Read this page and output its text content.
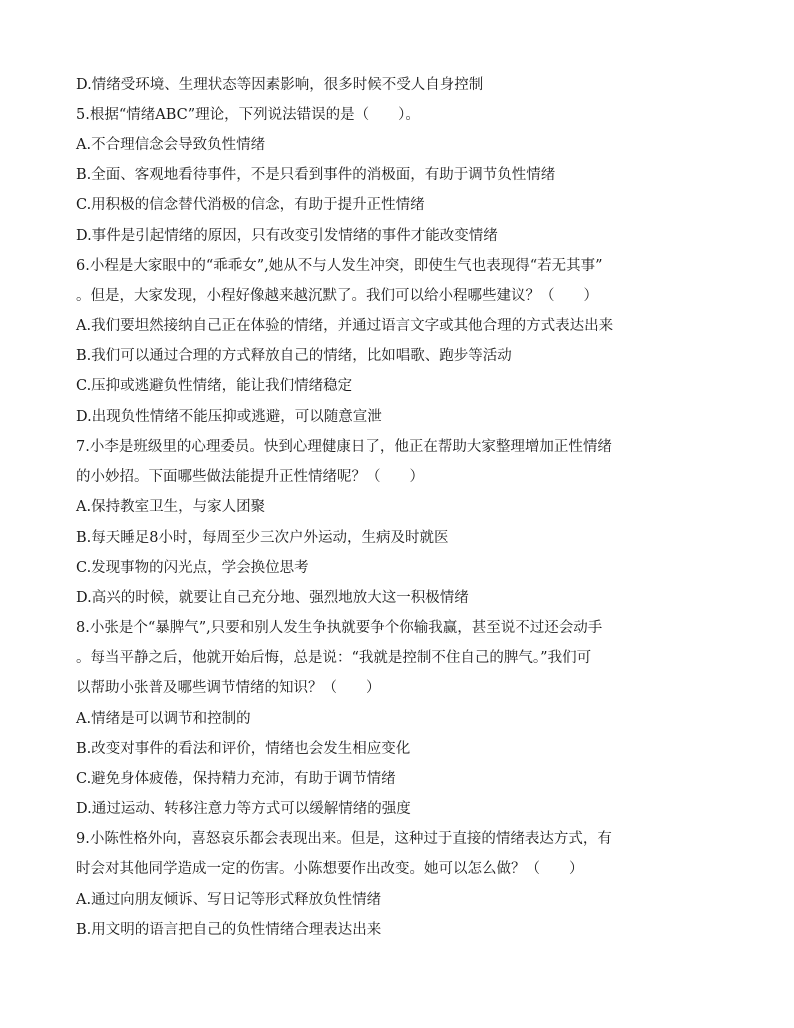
D.情绪受环境、生理状态等因素影响，很多时候不受人自身控制
5.根据“情绪ABC”理论，下列说法错误的是（　　）。
A.不合理信念会导致负性情绪
B.全面、客观地看待事件，不是只看到事件的消极面，有助于调节负性情绪
C.用积极的信念替代消极的信念，有助于提升正性情绪
D.事件是引起情绪的原因，只有改变引发情绪的事件才能改变情绪
6.小程是大家眼中的“乖乖女”,她从不与人发生冲突，即使生气也表现得“若无其事”
。但是，大家发现，小程好像越来越沉默了。我们可以给小程哪些建议？（　　）
A.我们要坦然接纳自己正在体验的情绪，并通过语言文字或其他合理的方式表达出来
B.我们可以通过合理的方式释放自己的情绪，比如唱歌、跑步等活动
C.压抑或逃避负性情绪，能让我们情绪稳定
D.出现负性情绪不能压抑或逃避，可以随意宣泄
7.小李是班级里的心理委员。快到心理健康日了，他正在帮助大家整理增加正性情绪
的小妙招。下面哪些做法能提升正性情绪呢？（　　）
A.保持教室卫生，与家人团聚
B.每天睡足8小时，每周至少三次户外运动，生病及时就医
C.发现事物的闪光点，学会换位思考
D.高兴的时候，就要让自己充分地、强烈地放大这一积极情绪
8.小张是个“暴脾气”,只要和别人发生争执就要争个你输我赢，甚至说不过还会动手
。每当平静之后，他就开始后悔，总是说：“我就是控制不住自己的脾气。”我们可
以帮助小张普及哪些调节情绪的知识？（　　）
A.情绪是可以调节和控制的
B.改变对事件的看法和评价，情绪也会发生相应变化
C.避免身体疲倦，保持精力充沛，有助于调节情绪
D.通过运动、转移注意力等方式可以缓解情绪的强度
9.小陈性格外向，喜怒哀乐都会表现出来。但是，这种过于直接的情绪表达方式，有
时会对其他同学造成一定的伤害。小陈想要作出改变。她可以怎么做？（　　）
A.通过向朋友倾诉、写日记等形式释放负性情绪
B.用文明的语言把自己的负性情绪合理表达出来
